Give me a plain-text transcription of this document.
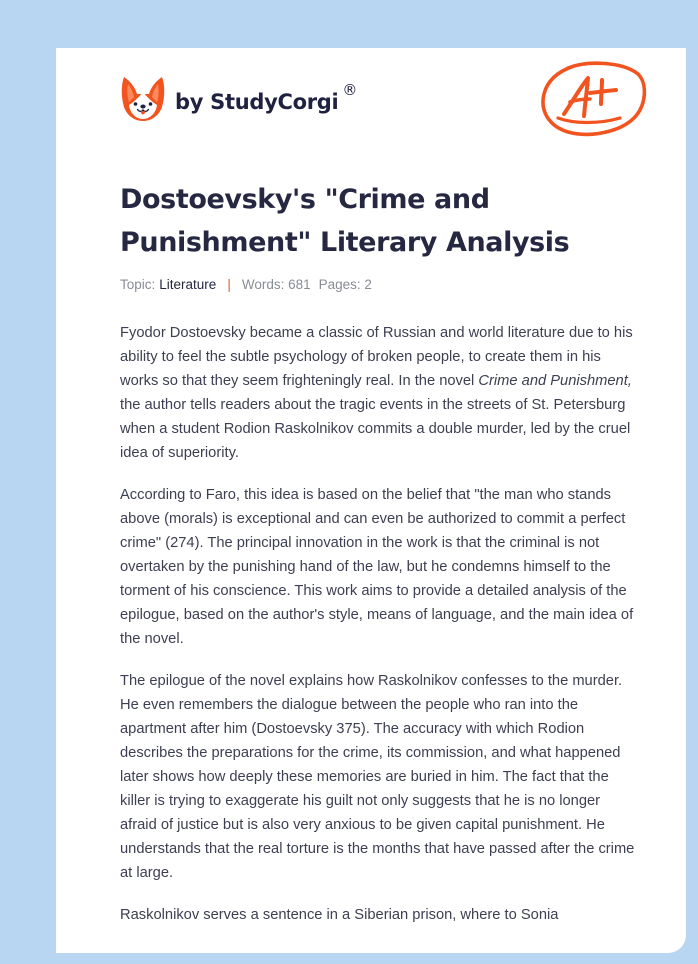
by StudyCorgi ®
Dostoevsky's "Crime and Punishment" Literary Analysis
Topic: Literature | Words: 681 Pages: 2

Fyodor Dostoevsky became a classic of Russian and world literature due to his ability to feel the subtle psychology of broken people, to create them in his works so that they seem frighteningly real. In the novel Crime and Punishment, the author tells readers about the tragic events in the streets of St. Petersburg when a student Rodion Raskolnikov commits a double murder, led by the cruel idea of superiority.

According to Faro, this idea is based on the belief that "the man who stands above (morals) is exceptional and can even be authorized to commit a perfect crime" (274). The principal innovation in the work is that the criminal is not overtaken by the punishing hand of the law, but he condemns himself to the torment of his conscience. This work aims to provide a detailed analysis of the epilogue, based on the author's style, means of language, and the main idea of the novel.

The epilogue of the novel explains how Raskolnikov confesses to the murder. He even remembers the dialogue between the people who ran into the apartment after him (Dostoevsky 375). The accuracy with which Rodion describes the preparations for the crime, its commission, and what happened later shows how deeply these memories are buried in him. The fact that the killer is trying to exaggerate his guilt not only suggests that he is no longer afraid of justice but is also very anxious to be given capital punishment. He understands that the real torture is the months that have passed after the crime at large.

Raskolnikov serves a sentence in a Siberian prison, where to Sonia
